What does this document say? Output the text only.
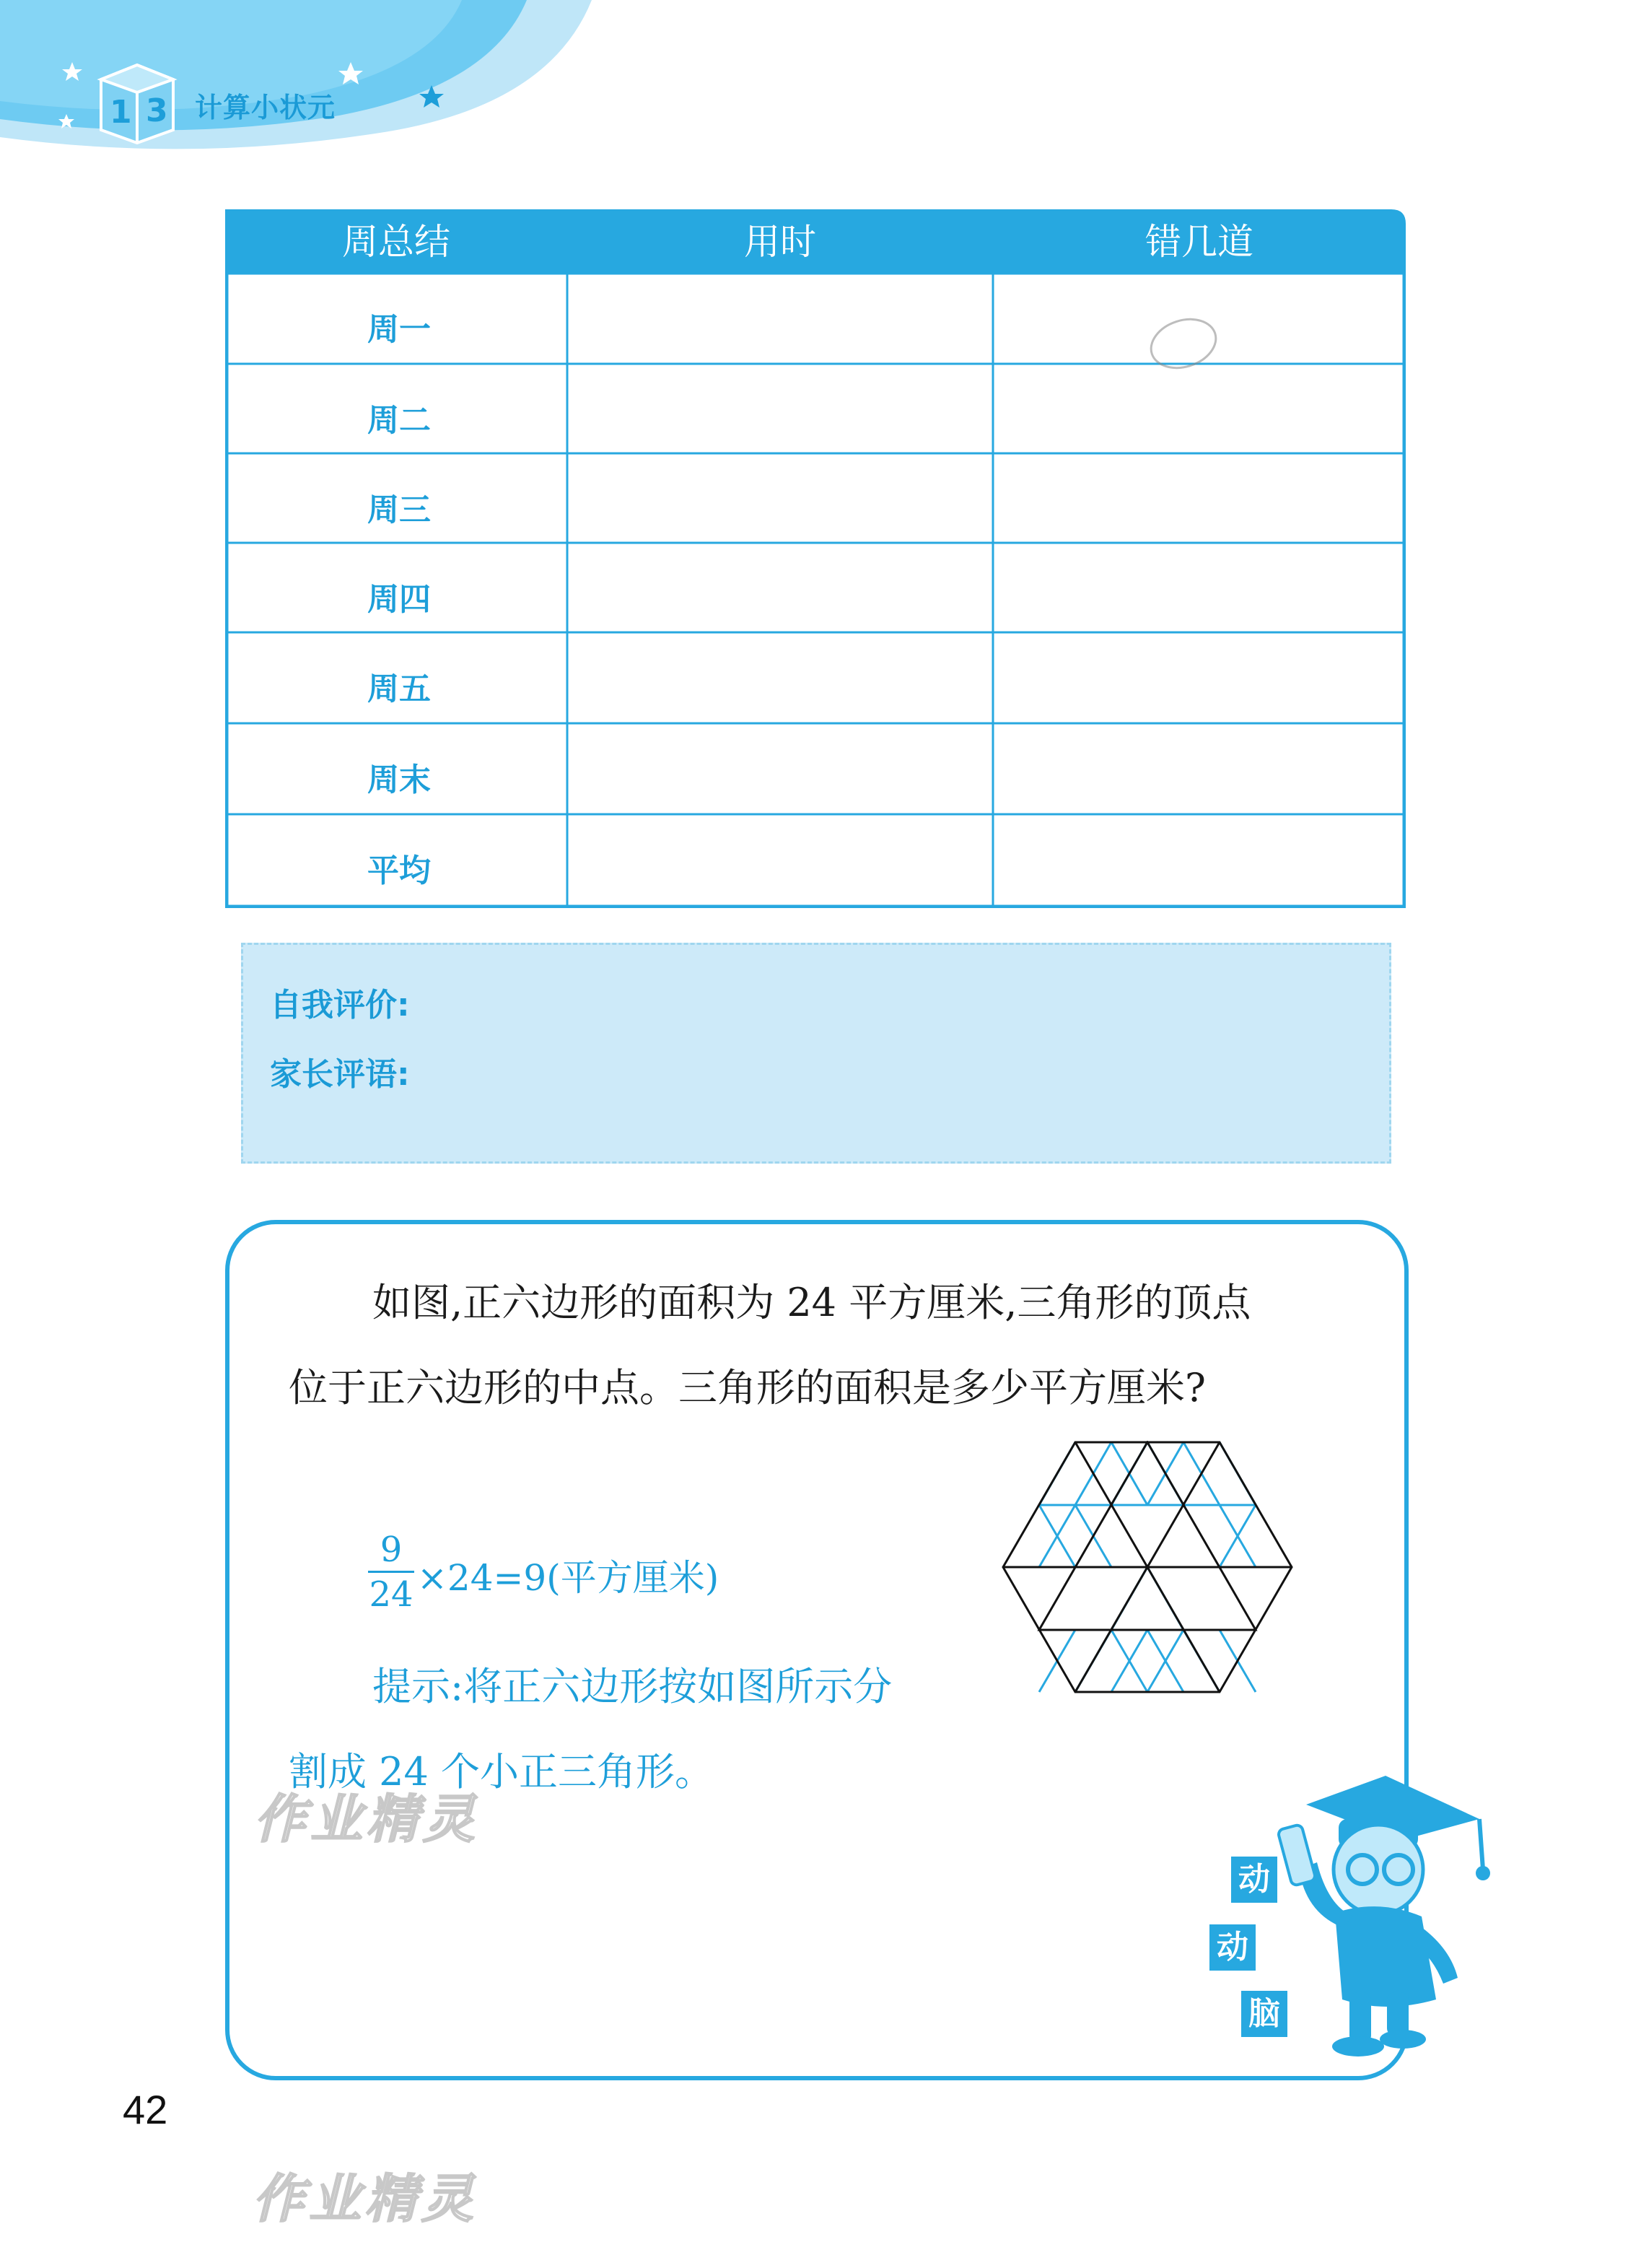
1 3 计算小状元
周总结	用时	错几道
周一
周二
周三
周四
周五
周末
平均
自我评价:
家长评语:
如图,正六边形的面积为 24 平方厘米,三角形的顶点
位于正六边形的中点。三角形的面积是多少平方厘米?
$\frac{9}{24} \times 24=9$(平方厘米)
提示:将正六边形按如图所示分
割成 24 个小正三角形。
动
动
脑
作业精灵
作业精灵
42
